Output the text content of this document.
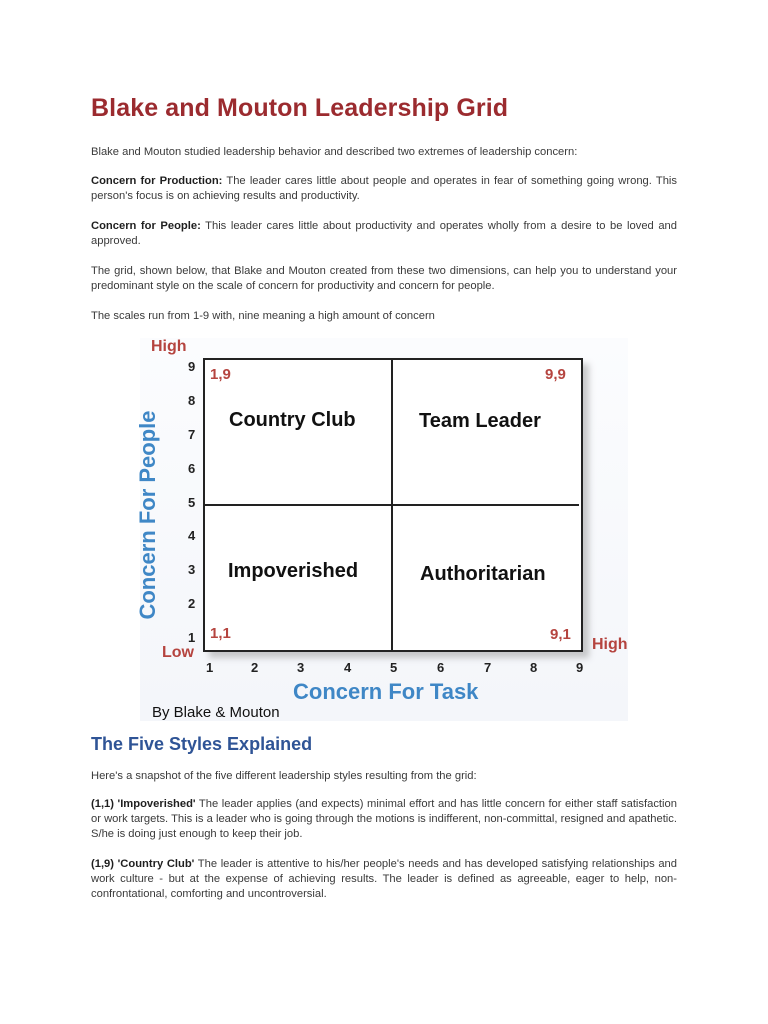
Blake and Mouton Leadership Grid

Blake and Mouton studied leadership behavior and described two extremes of leadership concern:

Concern for Production: The leader cares little about people and operates in fear of something going wrong. This person's focus is on achieving results and productivity.

Concern for People: This leader cares little about productivity and operates wholly from a desire to be loved and approved.

The grid, shown below, that Blake and Mouton created from these two dimensions, can help you to understand your predominant style on the scale of concern for productivity and concern for people.

The scales run from 1-9 with, nine meaning a high amount of concern

The Five Styles Explained

Here's a snapshot of the five different leadership styles resulting from the grid:

(1,1) 'Impoverished' The leader applies (and expects) minimal effort and has little concern for either staff satisfaction or work targets. This is a leader who is going through the motions is indifferent, non-committal, resigned and apathetic. S/he is doing just enough to keep their job.

(1,9) 'Country Club' The leader is attentive to his/her people's needs and has developed satisfying relationships and work culture - but at the expense of achieving results. The leader is defined as agreeable, eager to help, non-confrontational, comforting and uncontroversial.

Concern For People
High
Low	High
9
8
7
6
5
4
3
2
1
1	2	3	4	5	6	7	8	9
1,9	9,9
1,1	9,1
Country Club	Team Leader
Impoverished	Authoritarian
Concern For Task
By Blake & Mouton
